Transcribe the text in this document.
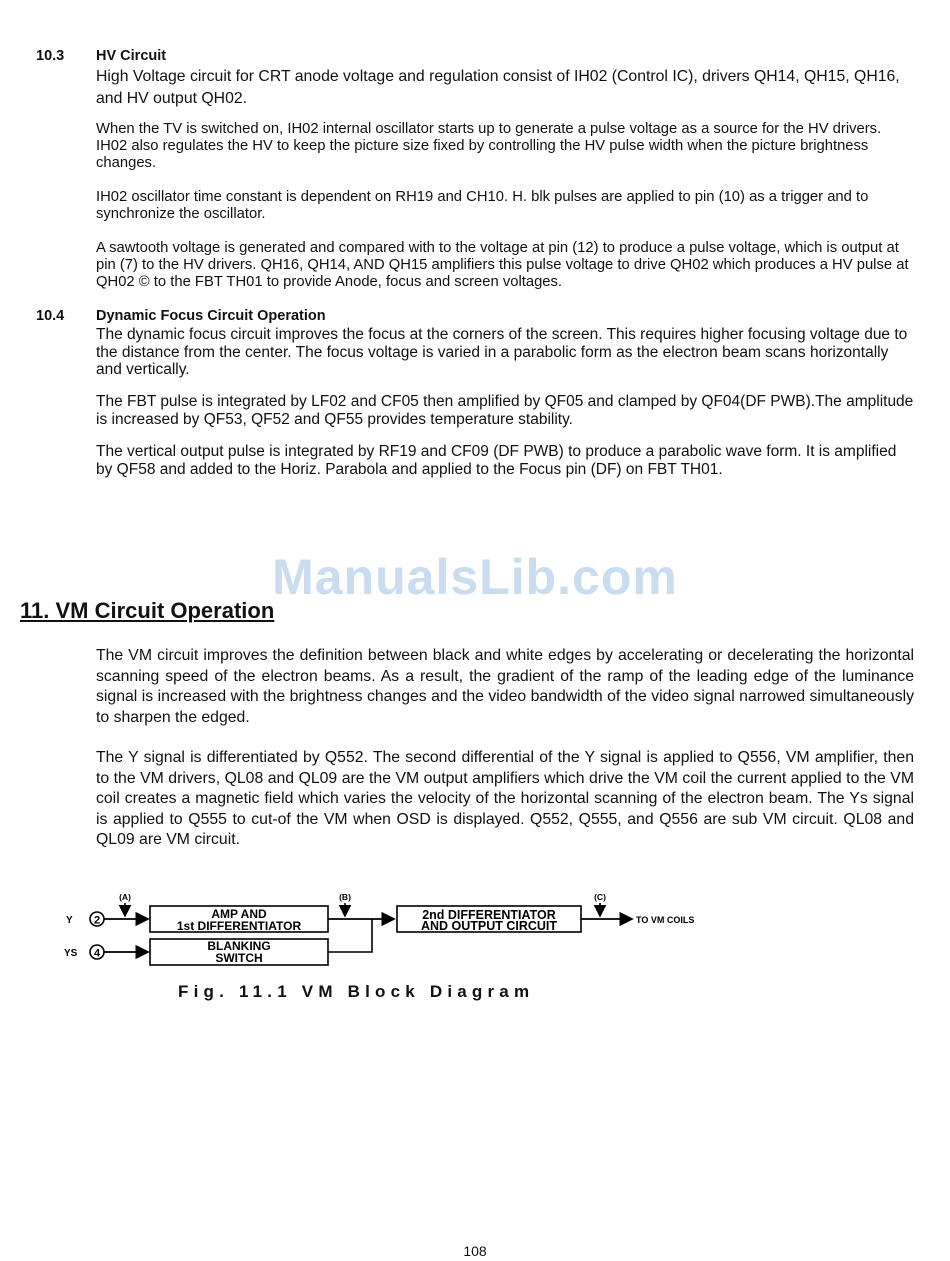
10.3 HV Circuit
High Voltage circuit for CRT anode voltage and regulation consist of IH02 (Control IC), drivers QH14, QH15, QH16, and HV output QH02.
When the TV is switched on, IH02 internal oscillator starts up to generate a pulse voltage as a source for the HV drivers. IH02 also regulates the HV to keep the picture size fixed by controlling the HV pulse width when the picture brightness changes.
IH02 oscillator time constant is dependent on RH19 and CH10. H. blk pulses are applied to pin (10) as a trigger and to synchronize the oscillator.
A sawtooth voltage is generated and compared with to the voltage at pin (12) to produce a pulse voltage, which is output at pin (7) to the HV drivers. QH16, QH14, AND QH15 amplifiers this pulse voltage to drive QH02 which produces a HV pulse at QH02 © to the FBT TH01 to provide Anode, focus and screen voltages.
10.4 Dynamic Focus Circuit Operation
The dynamic focus circuit improves the focus at the corners of the screen. This requires higher focusing voltage due to the distance from the center. The focus voltage is varied in a parabolic form as the electron beam scans horizontally and vertically.
The FBT pulse is integrated by LF02 and CF05 then amplified by QF05 and clamped by QF04(DF PWB).The amplitude is increased by QF53, QF52 and QF55 provides temperature stability.
The vertical output pulse is integrated by RF19 and CF09 (DF PWB) to produce a parabolic wave form. It is amplified by QF58 and added to the Horiz. Parabola and applied to the Focus pin (DF) on FBT TH01.
ManualsLib.com
11. VM Circuit Operation
The VM circuit improves the definition between black and white edges by accelerating or decelerating the horizontal scanning speed of the electron beams. As a result, the gradient of the ramp of the leading edge of the luminance signal is increased with the brightness changes and the video bandwidth of the video signal narrowed simultaneously to sharpen the edged.
The Y signal is differentiated by Q552. The second differential of the Y signal is applied to Q556, VM amplifier, then to the VM drivers, QL08 and QL09 are the VM output amplifiers which drive the VM coil the current applied to the VM coil creates a magnetic field which varies the velocity of the horizontal scanning of the electron beam. The Ys signal is applied to Q555 to cut-of the VM when OSD is displayed. Q552, Q555, and Q556 are sub VM circuit. QL08 and QL09 are VM circuit.
Y 2
(A)
AMP AND
1st DIFFERENTIATOR
YS 4
BLANKING
SWITCH
(B)
2nd DIFFERENTIATOR
AND OUTPUT CIRCUIT
(C)
TO VM COILS
Fig. 11.1 VM Block Diagram
108
